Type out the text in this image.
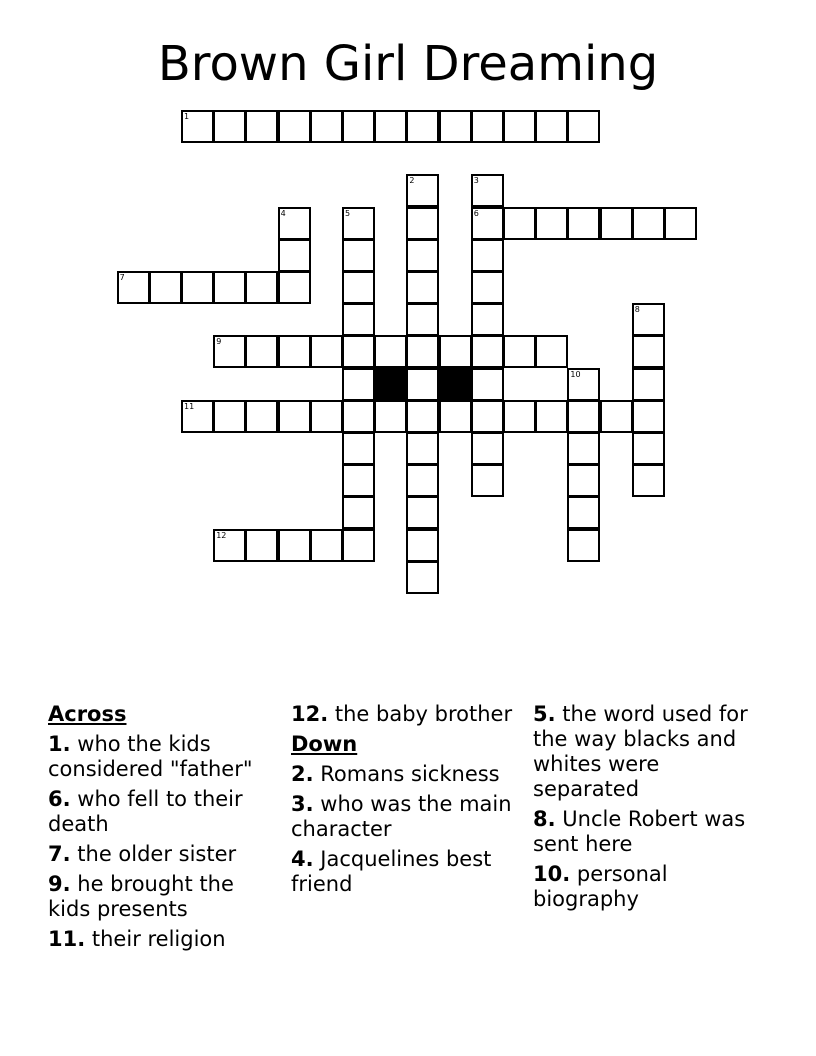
Brown Girl Dreaming
1
6
7
9
11
12
2	3
4	5
8
10
Across
1. who the kids considered "father"
6. who fell to their death
7. the older sister
9. he brought the kids presents
11. their religion
12. the baby brother
Down
2. Romans sickness
3. who was the main character
4. Jacquelines best friend
5. the word used for the way blacks and whites were separated
8. Uncle Robert was sent here
10. personal biography
